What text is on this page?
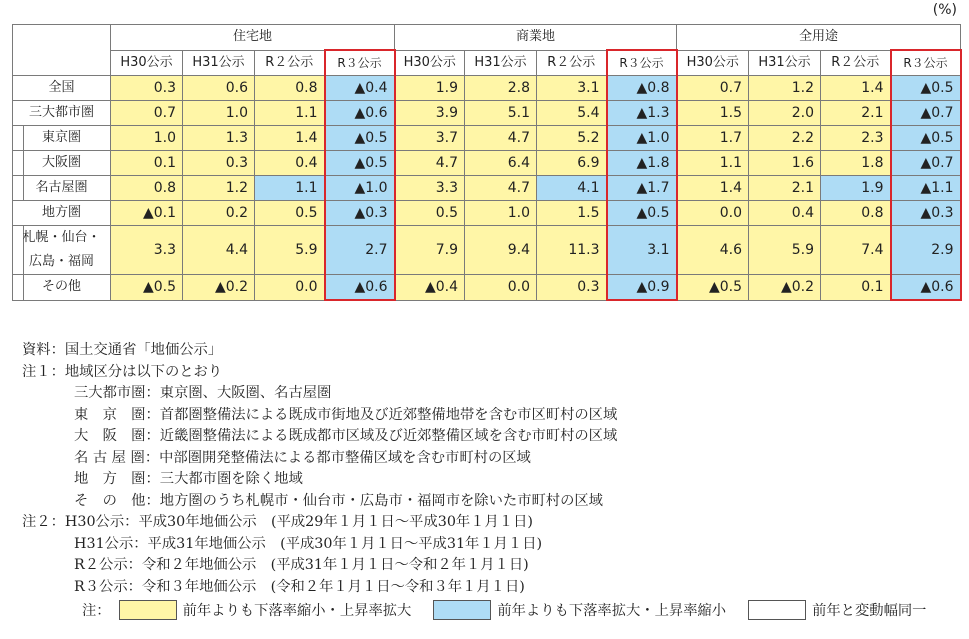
(%)
	住宅地				商業地				全用途			
	H30公示	H31公示	R２公示	R３公示	H30公示	H31公示	R２公示	R３公示	H30公示	H31公示	R２公示	R３公示
全国	0.3	0.6	0.8	▲0.4	1.9	2.8	3.1	▲0.8	0.7	1.2	1.4	▲0.5
三大都市圏	0.7	1.0	1.1	▲0.6	3.9	5.1	5.4	▲1.3	1.5	2.0	2.1	▲0.7
東京圏	1.0	1.3	1.4	▲0.5	3.7	4.7	5.2	▲1.0	1.7	2.2	2.3	▲0.5
大阪圏	0.1	0.3	0.4	▲0.5	4.7	6.4	6.9	▲1.8	1.1	1.6	1.8	▲0.7
名古屋圏	0.8	1.2	1.1	▲1.0	3.3	4.7	4.1	▲1.7	1.4	2.1	1.9	▲1.1
地方圏	▲0.1	0.2	0.5	▲0.3	0.5	1.0	1.5	▲0.5	0.0	0.4	0.8	▲0.3
札幌・仙台・
広島・福岡	3.3	4.4	5.9	2.7	7.9	9.4	11.3	3.1	4.6	5.9	7.4	2.9
その他	▲0.5	▲0.2	0.0	▲0.6	▲0.4	0.0	0.3	▲0.9	▲0.5	▲0.2	0.1	▲0.6
資料：国土交通省「地価公示」
注１：地域区分は以下のとおり
三大都市圏：東京圏、大阪圏、名古屋圏
東　京　圏：首都圏整備法による既成市街地及び近郊整備地帯を含む市区町村の区域
大　阪　圏：近畿圏整備法による既成都市区域及び近郊整備区域を含む市町村の区域
名 古 屋 圏：中部圏開発整備法による都市整備区域を含む市町村の区域
地　方　圏：三大都市圏を除く地域
そ　の　他：地方圏のうち札幌市・仙台市・広島市・福岡市を除いた市町村の区域
注２：H30公示：平成30年地価公示　(平成29年１月１日～平成30年１月１日)
H31公示：平成31年地価公示　(平成30年１月１日～平成31年１月１日)
R２公示：令和２年地価公示　(平成31年１月１日～令和２年１月１日)
R３公示：令和３年地価公示　(令和２年１月１日～令和３年１月１日)
注：	前年よりも下落率縮小・上昇率拡大	前年よりも下落率拡大・上昇率縮小	前年と変動幅同一
